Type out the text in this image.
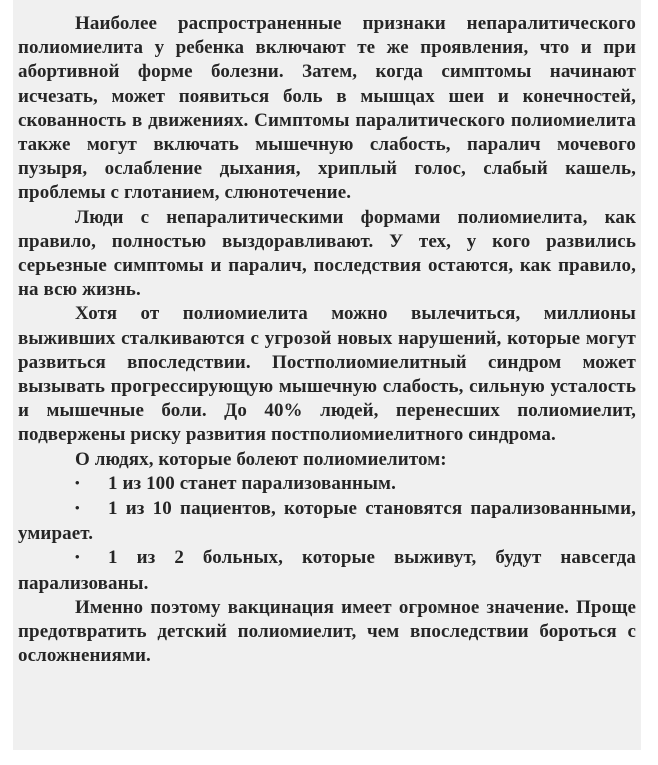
Наиболее распространенные признаки непаралитического полиомиелита у ребенка включают те же проявления, что и при абортивной форме болезни. Затем, когда симптомы начинают исчезать, может появиться боль в мышцах шеи и конечностей, скованность в движениях. Симптомы паралитического полиомиелита также могут включать мышечную слабость, паралич мочевого пузыря, ослабление дыхания, хриплый голос, слабый кашель, проблемы с глотанием, слюнотечение.

Люди с непаралитическими формами полиомиелита, как правило, полностью выздоравливают. У тех, у кого развились серьезные симптомы и паралич, последствия остаются, как правило, на всю жизнь.

Хотя от полиомиелита можно вылечиться, миллионы выживших сталкиваются с угрозой новых нарушений, которые могут развиться впоследствии. Постполиомиелитный синдром может вызывать прогрессирующую мышечную слабость, сильную усталость и мышечные боли. До 40% людей, перенесших полиомиелит, подвержены риску развития постполиомиелитного синдрома.

О людях, которые болеют полиомиелитом:

•1 из 100 станет парализованным.
•1 из 10 пациентов, которые становятся парализованными, умирает.
•1 из 2 больных, которые выживут, будут навсегда парализованы.

Именно поэтому вакцинация имеет огромное значение. Проще предотвратить детский полиомиелит, чем впоследствии бороться с осложнениями.
